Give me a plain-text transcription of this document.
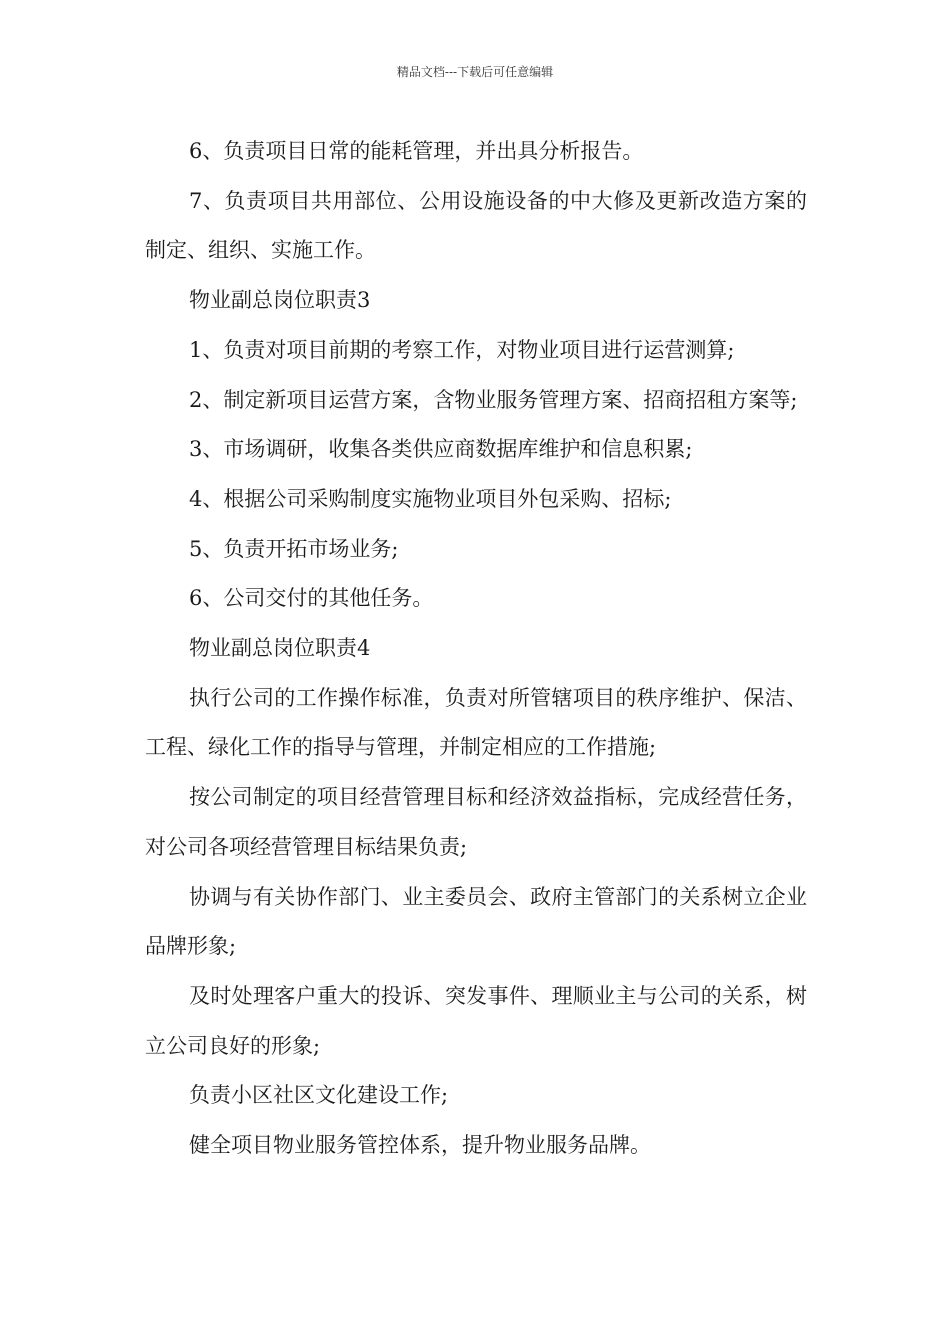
精品文档---下载后可任意编辑

6、负责项目日常的能耗管理，并出具分析报告。

7、负责项目共用部位、公用设施设备的中大修及更新改造方案的制定、组织、实施工作。

物业副总岗位职责3

1、负责对项目前期的考察工作，对物业项目进行运营测算;

2、制定新项目运营方案，含物业服务管理方案、招商招租方案等;

3、市场调研，收集各类供应商数据库维护和信息积累;

4、根据公司采购制度实施物业项目外包采购、招标;

5、负责开拓市场业务;

6、公司交付的其他任务。

物业副总岗位职责4

执行公司的工作操作标准，负责对所管辖项目的秩序维护、保洁、工程、绿化工作的指导与管理，并制定相应的工作措施;

按公司制定的项目经营管理目标和经济效益指标，完成经营任务，对公司各项经营管理目标结果负责;

协调与有关协作部门、业主委员会、政府主管部门的关系树立企业品牌形象;

及时处理客户重大的投诉、突发事件、理顺业主与公司的关系，树立公司良好的形象;

负责小区社区文化建设工作;

健全项目物业服务管控体系，提升物业服务品牌。
